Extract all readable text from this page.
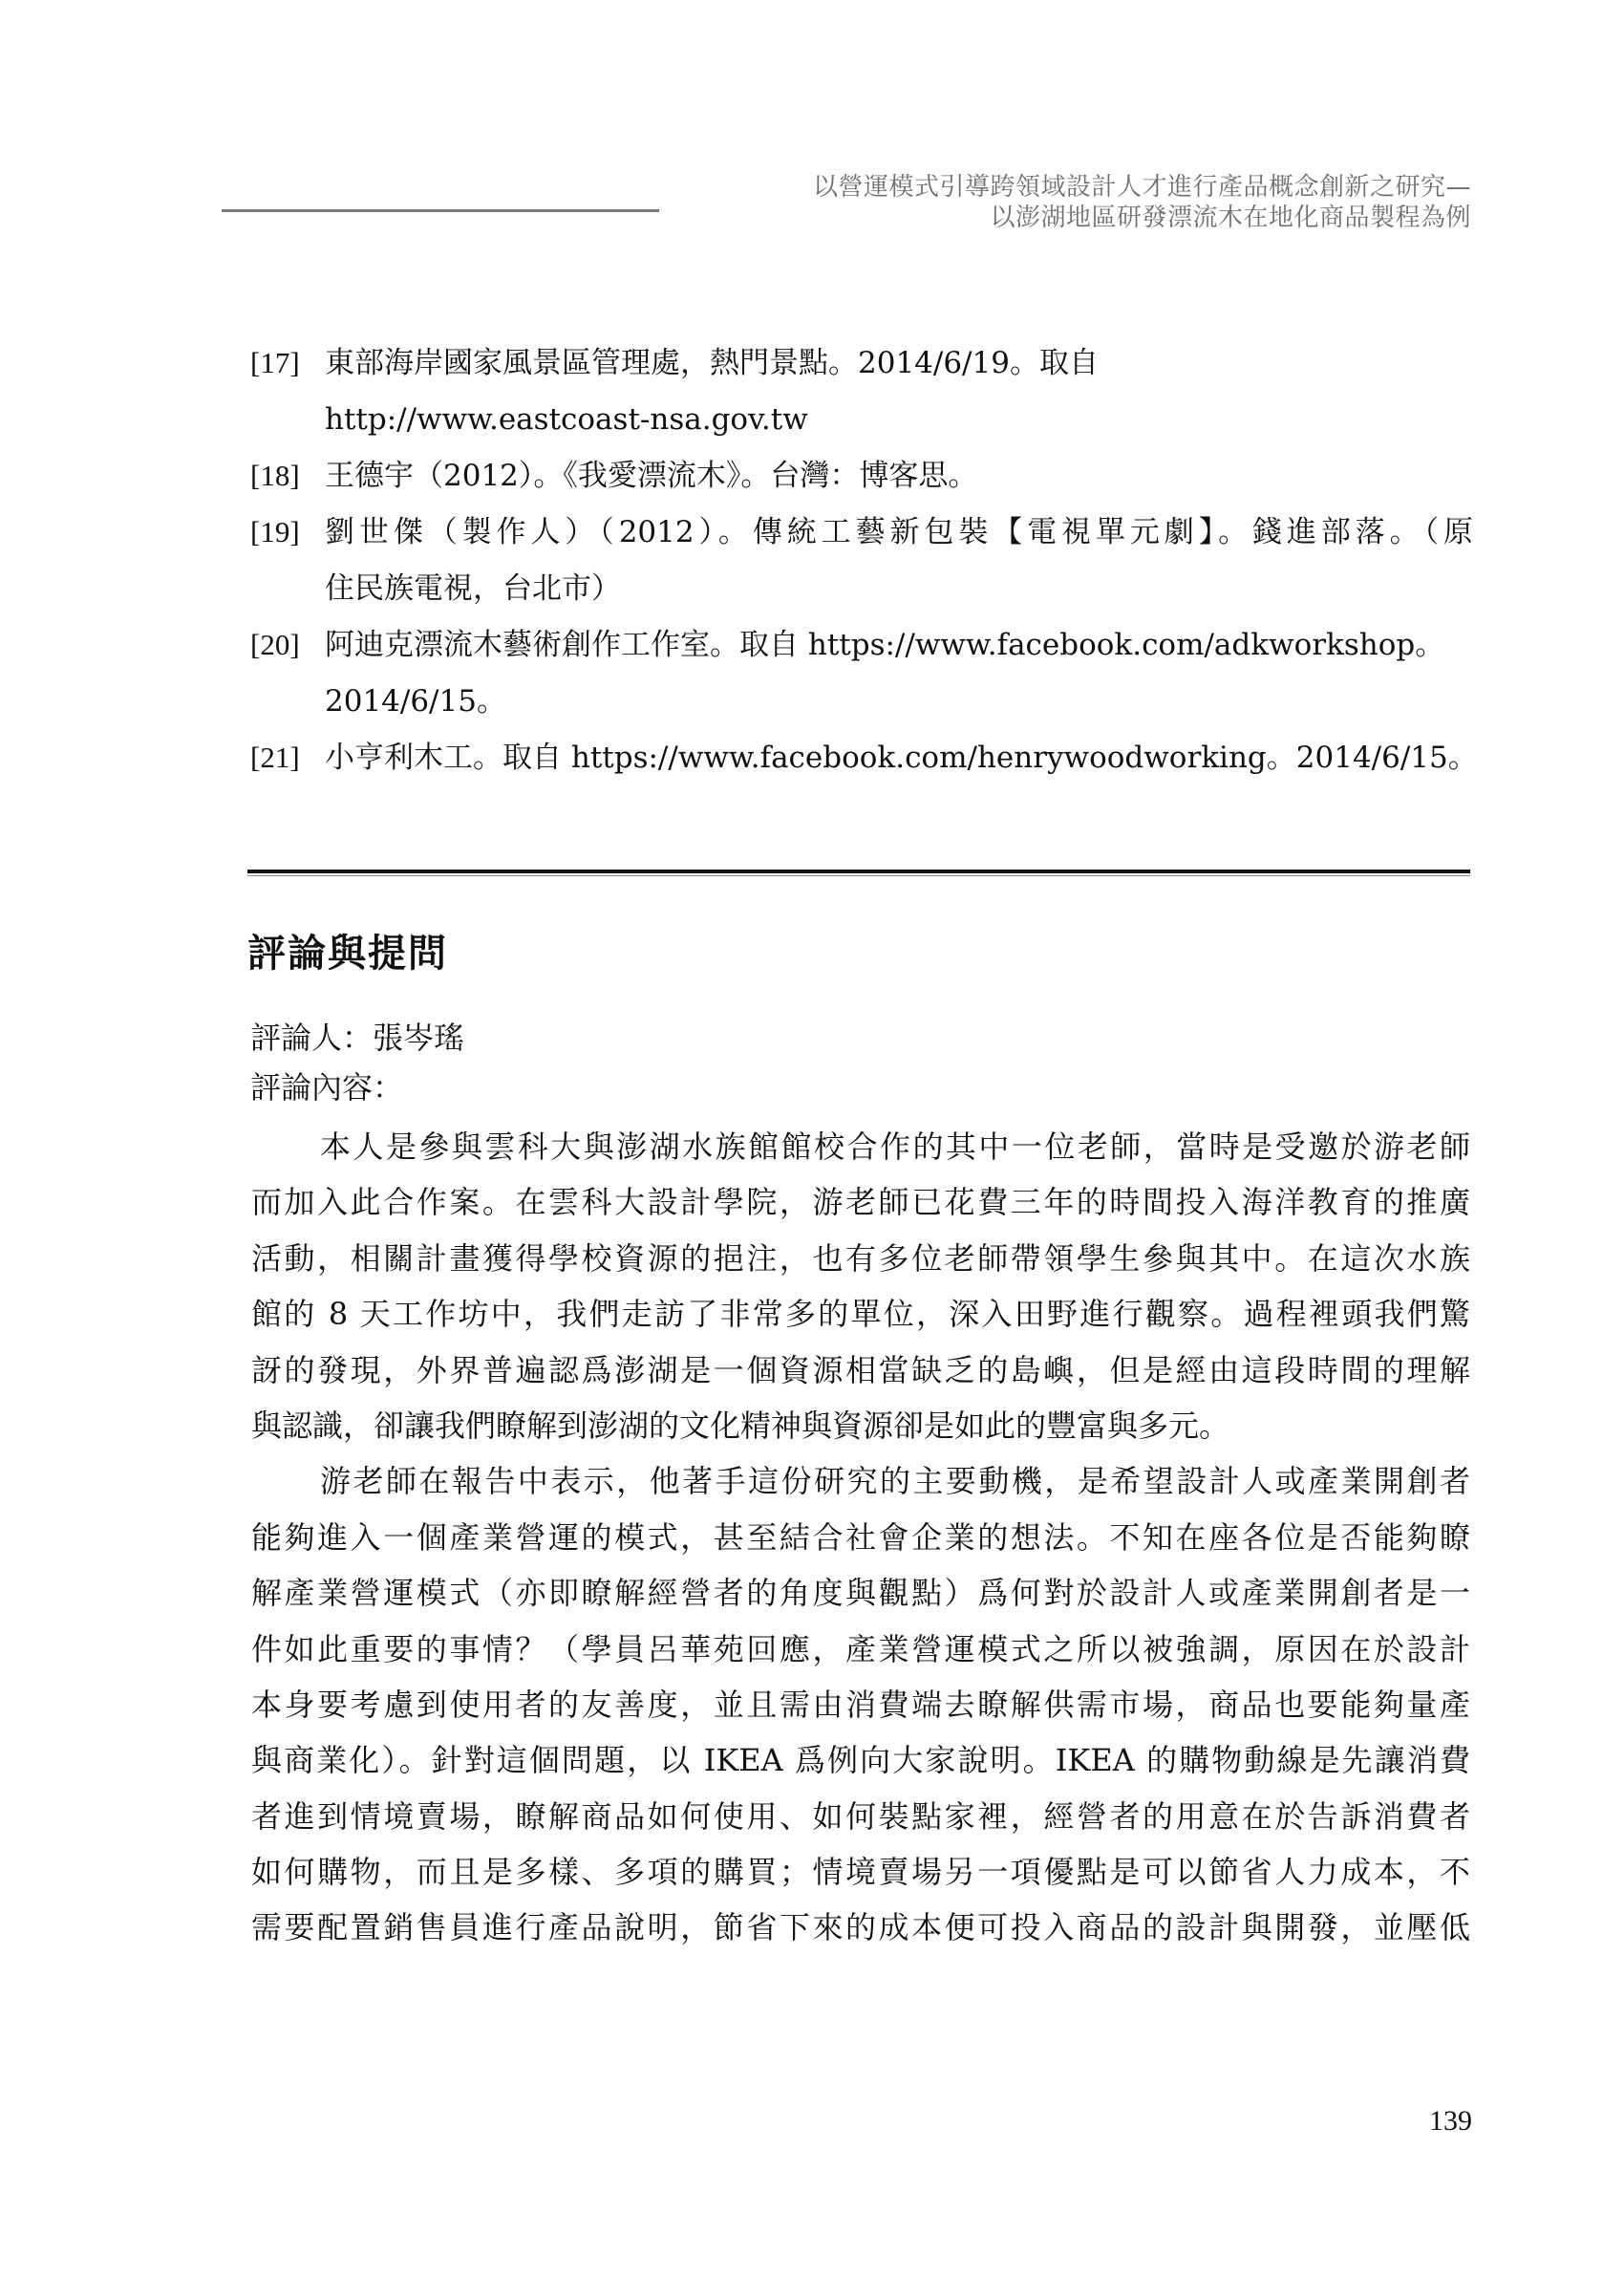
以營運模式引導跨領域設計人才進行產品概念創新之研究—
以澎湖地區研發漂流木在地化商品製程為例
[17] 東部海岸國家風景區管理處，熱門景點。2014/6/19。取自
http://www.eastcoast-nsa.gov.tw
[18] 王德宇（2012）。《我愛漂流木》。台灣：博客思。
[19] 劉世傑（製作人）（2012）。傳統工藝新包裝【電視單元劇】。錢進部落。（原
住民族電視，台北市）
[20] 阿迪克漂流木藝術創作工作室。取自 https://www.facebook.com/adkworkshop。
2014/6/15。
[21] 小亨利木工。取自 https://www.facebook.com/henrywoodworking。2014/6/15。
評論與提問
評論人：張岑瑤
評論內容：
本人是參與雲科大與澎湖水族館館校合作的其中一位老師，當時是受邀於游老師
而加入此合作案。在雲科大設計學院，游老師已花費三年的時間投入海洋教育的推廣
活動，相關計畫獲得學校資源的挹注，也有多位老師帶領學生參與其中。在這次水族
館的 8 天工作坊中，我們走訪了非常多的單位，深入田野進行觀察。過程裡頭我們驚
訝的發現，外界普遍認爲澎湖是一個資源相當缺乏的島嶼，但是經由這段時間的理解
與認識，卻讓我們瞭解到澎湖的文化精神與資源卻是如此的豐富與多元。
游老師在報告中表示，他著手這份研究的主要動機，是希望設計人或產業開創者
能夠進入一個產業營運的模式，甚至結合社會企業的想法。不知在座各位是否能夠瞭
解產業營運模式（亦即瞭解經營者的角度與觀點）爲何對於設計人或產業開創者是一
件如此重要的事情？（學員呂華苑回應，產業營運模式之所以被強調，原因在於設計
本身要考慮到使用者的友善度，並且需由消費端去瞭解供需市場，商品也要能夠量產
與商業化）。針對這個問題，以 IKEA 爲例向大家說明。IKEA 的購物動線是先讓消費
者進到情境賣場，瞭解商品如何使用、如何裝點家裡，經營者的用意在於告訴消費者
如何購物，而且是多樣、多項的購買；情境賣場另一項優點是可以節省人力成本，不
需要配置銷售員進行產品說明，節省下來的成本便可投入商品的設計與開發，並壓低
139
